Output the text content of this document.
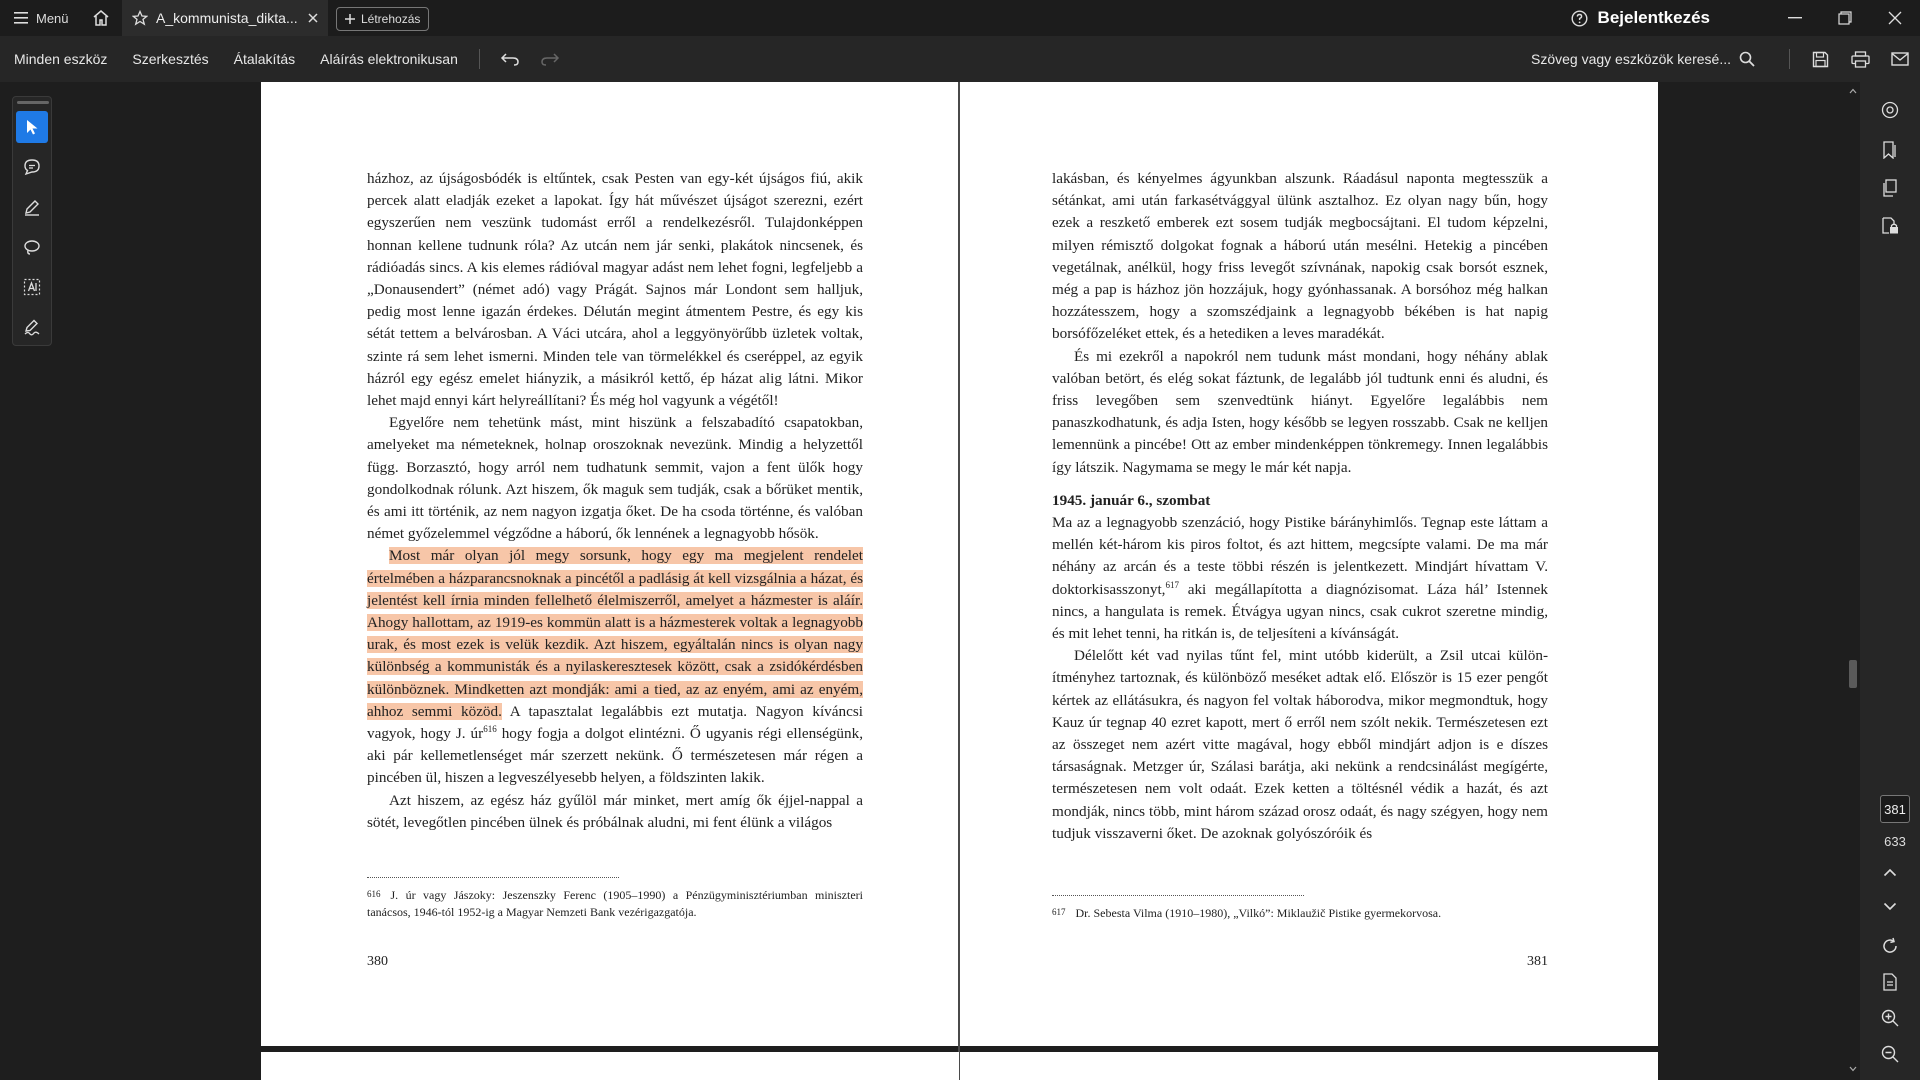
Menü	A_kommunista_dikta...	Létrehozás	Bejelentkezés
Minden eszköz	Szerkesztés	Átalakítás	Aláírás elektronikusan	Szöveg vagy eszközök keresé...

házhoz, az újságosbódék is eltűntek, csak Pesten van egy-két újságos fiú, akik percek alatt eladják ezeket a lapokat. Így hát művészet újságot szerezni, ezért egyszerűen nem veszünk tudomást erről a rendelkezésről. Tulajdonképpen honnan kellene tudnunk róla? Az utcán nem jár senki, plakátok nincsenek, és rádióadás sincs. A kis elemes rádióval magyar adást nem lehet fogni, legfeljebb a „Donausendert” (német adó) vagy Prágát. Sajnos már Londont sem halljuk, pedig most lenne igazán érdekes. Délután megint átmentem Pestre, és egy kis sétát tettem a belvárosban. A Váci utcára, ahol a leggyönyörűbb üzletek voltak, szinte rá sem lehet ismerni. Minden tele van törmelékkel és cseréppel, az egyik házról egy egész emelet hiányzik, a másikról kettő, ép házat alig látni. Mikor lehet majd ennyi kárt helyreállítani? És még hol vagyunk a végétől!

Egyelőre nem tehetünk mást, mint hiszünk a felszabadító csapatokban, amelyeket ma németeknek, holnap oroszoknak nevezünk. Mindig a helyzettől függ. Borzasztó, hogy arról nem tudhatunk semmit, vajon a fent ülők hogy gondolkodnak rólunk. Azt hiszem, ők maguk sem tudják, csak a bőrüket mentik, és ami itt történik, az nem nagyon izgatja őket. De ha csoda történne, és valóban német győzelemmel végződne a háború, ők lennének a legnagyobb hősök.

Most már olyan jól megy sorsunk, hogy egy ma megjelent rendelet értelmében a házparancsnoknak a pincétől a padlásig át kell vizsgálnia a házat, és jelentést kell írnia minden fellelhető élelmiszerről, amelyet a házmester is aláír. Ahogy hallottam, az 1919-es kommün alatt is a házmesterek voltak a legnagyobb urak, és most ezek is velük kezdik. Azt hiszem, egyáltalán nincs is olyan nagy különbség a kommunisták és a nyilaskeresztesek között, csak a zsidókérdésben különböznek. Mindketten azt mondják: ami a tied, az az enyém, ami az enyém, ahhoz semmi közöd. A tapasztalat legalábbis ezt mutatja. Nagyon kíváncsi vagyok, hogy J. $úr^{616}$ hogy fogja a dolgot elintézni. Ő ugyanis régi ellenségünk, aki pár kellemetlenséget már szerzett nekünk. Ő természetesen már régen a pincében ül, hiszen a legveszélyesebb helyen, a földszinten lakik.

Azt hiszem, az egész ház gyűlöl már minket, mert amíg ők éjjel-nappal a sötét, levegőtlen pincében ülnek és próbálnak aludni, mi fent élünk a világos

616 J. úr vagy Jászoky: Jeszenszky Ferenc (1905–1990) a Pénzügyminisztériumban miniszteri tanácsos, 1946-tól 1952-ig a Magyar Nemzeti Bank vezérigazgatója.
380

lakásban, és kényelmes ágyunkban alszunk. Ráadásul naponta megtesszük a sétánkat, ami után farkasétvággyal ülünk asztalhoz. Ez olyan nagy bűn, hogy ezek a reszkető emberek ezt sosem tudják megbocsájtani. El tudom képzelni, milyen rémisztő dolgokat fognak a háború után mesélni. Hetekig a pincében vegetálnak, anélkül, hogy friss levegőt szívnának, napokig csak borsót esznek, még a pap is házhoz jön hozzájuk, hogy gyónhassanak. A borsóhoz még halkan hozzátesszem, hogy a szomszédjaink a legnagyobb békében is hat napig borsófőzeléket ettek, és a hetediken a leves maradékát.

És mi ezekről a napokról nem tudunk mást mondani, hogy néhány ablak valóban betört, és elég sokat fáztunk, de legalább jól tudtunk enni és aludni, és friss levegőben sem szenvedtünk hiányt. Egyelőre legalábbis nem panaszkodhatunk, és adja Isten, hogy később se legyen rosszabb. Csak ne kelljen lemennünk a pincébe! Ott az ember mindenképpen tönkremegy. Innen legalábbis így látszik. Nagymama se megy le már két napja.

1945. január 6., szombat

Ma az a legnagyobb szenzáció, hogy Pistike bárányhimlős. Tegnap este láttam a mellén két-három kis piros foltot, és azt hittem, megcsípte valami. De ma már néhány az arcán és a teste többi részén is jelentkezett. Mindjárt hívattam V. doktorkisasszonyt,$^{617}$ aki megállapította a diagnózisomat. Láza hál’ Istennek nincs, a hangulata is remek. Étvágya ugyan nincs, csak cukrot szeretne mindig, és mit lehet tenni, ha ritkán is, de teljesíteni a kívánságát.

Délelőtt két vad nyilas tűnt fel, mint utóbb kiderült, a Zsil utcai különítményhez tartoznak, és különböző meséket adtak elő. Először is 15 ezer pengőt kértek az ellátásukra, és nagyon fel voltak háborodva, mikor megmondtuk, hogy Kauz úr tegnap 40 ezret kapott, mert ő erről nem szólt nekik. Természetesen ezt az összeget nem azért vitte magával, hogy ebből mindjárt adjon is e díszes társaságnak. Metzger úr, Szálasi barátja, aki nekünk a rendcsinálást megígérte, természetesen nem volt odaát. Ezek ketten a töltésnél védik a hazát, és azt mondják, nincs több, mint három század orosz odaát, és nagy szégyen, hogy nem tudjuk visszaverni őket. De azoknak golyószóróik és

617 Dr. Sebesta Vilma (1910–1980), „Vilkó”: Miklaužič Pistike gyermekorvosa.
381
381
633
